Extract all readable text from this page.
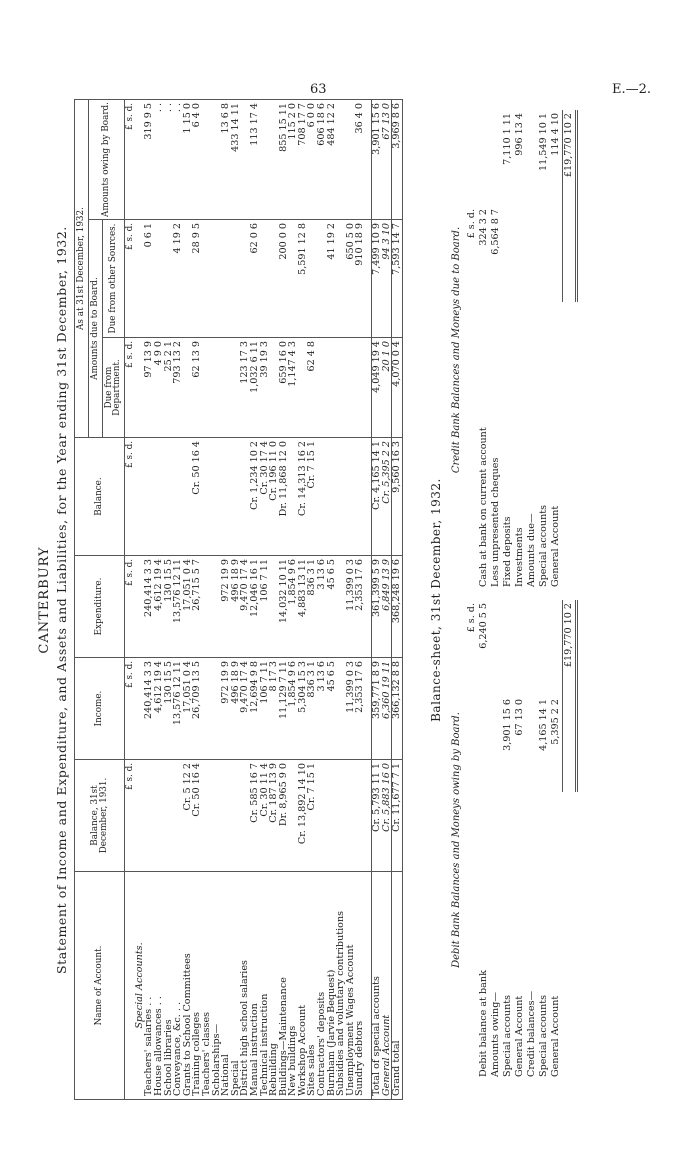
63	E.—2.
CANTERBURY Statement of Income and Expenditure, and Assets and Liabilities, for the Year ending 31st December, 1932.
Name of Account.	Balance, 31st December, 1931.	Income.	Expenditure.	Balance.	As at 31st December, 1932.		
					Amounts due to Board.		Amounts owing by Board.
					Due from Department.	Due from other Sources.	
	£ s. d.	£ s. d.	£ s. d.	£ s. d.	£ s. d.	£ s. d.	£ s. d.
Special Accounts.							
Teachers' salaries . .		240,414 3 3	240,414 3 3		97 13 9	0 6 1	319 9 5
House allowances . .		4,612 19 4	4,612 19 4		4 9 0		. .
School libraries		130 15 5	130 15 5		25 2 1		. .
Conveyance, &c. . .		13,576 12 11	13,576 12 11		793 13 2	4 19 2	. .
Grants to School Committees	Cr. 5 12 2	17,051 0 4	17,051 0 4				1 15 0
Training colleges	Cr. 50 16 4	26,709 13 5	26,715 5 7	Cr. 50 16 4	62 13 9	28 9 5	6 4 0
Teachers' classes							
Scholarships—							
National		972 19 9	972 19 9				13 6 8
Special		496 18 9	496 18 9				433 14 11
District high school salaries		9,470 17 4	9,470 17 4		123 17 3		
Manual instruction	Cr. 585 16 7	12,694 9 8	12,046 16 1	Cr. 1,234 10 2	1,032 6 11	62 0 6	113 17 4
Technical instruction	Cr. 30 11 4	106 7 11	106 7 11	Cr. 30 17 4	39 19 3		
Rebuilding	Cr. 187 13 9	8 17 3		Cr. 196 11 0			
Buildings—Maintenance	Dr. 8,965 9 0	11,129 7 11	14,032 10 11	Dr. 11,868 12 0	659 16 0	200 0 0	855 15 11
New buildings		1,854 9 6	1,854 9 6		1,147 4 3		115 2 0
Workshop Account	Cr. 13,892 14 10	5,304 15 3	4,883 13 11	Cr. 14,313 16 2		5,591 12 8	708 17 7
Sites sales	Cr. 7 15 1	836 3 1	836 3 1	Cr. 7 15 1	62 4 8		6 0 0
Contractors' deposits		3 13 6	3 13 6				606 18 6
Burnham (Jarvie Bequest)		45 6 5	45 6 5			41 19 2	484 12 2
Subsidies and voluntary contributions							
Unemployment Wages Account		11,399 0 3	11,399 0 3			650 5 0	
Sundry debtors		2,353 17 6	2,353 17 6			910 18 9	36 4 0

Total of special accounts	Cr. 5,793 11 1	359,771 8 9	361,399 5 9	Cr. 4,165 14 1	4,049 19 4	7,499 10 9	3,901 15 6
General Account	Cr. 5,883 16 0	6,360 19 11	6,849 13 9	Cr. 5,395 2 2	20 1 0	94 3 10	67 13 0
Grand total	Cr. 11,677 7 1	366,132 8 8	368,248 19 6	9,560 16 3	4,070 0 4	7,593 14 7	3,969 8 6
Balance-sheet, 31st December, 1932.
Debit Bank Balances and Moneys owing by Board.
		£ s. d.
Debit balance at bank		6,240 5 5
Amounts owing—		
Special accounts	3,901 15 6	
General Account	67 13 0	
Credit balances—		
Special accounts	4,165 14 1	
General Account	5,395 2 2	
		£19,770 10 2
Credit Bank Balances and Moneys due to Board.
	£ s. d.	
Cash at bank on current account	324 3 2	
Less unpresented cheques	6,564 8 7	
Fixed deposits		7,110 1 11
Investments		996 13 4
Amounts due—		
Special accounts		11,549 10 1
General Account		114 4 10
		£19,770 10 2
